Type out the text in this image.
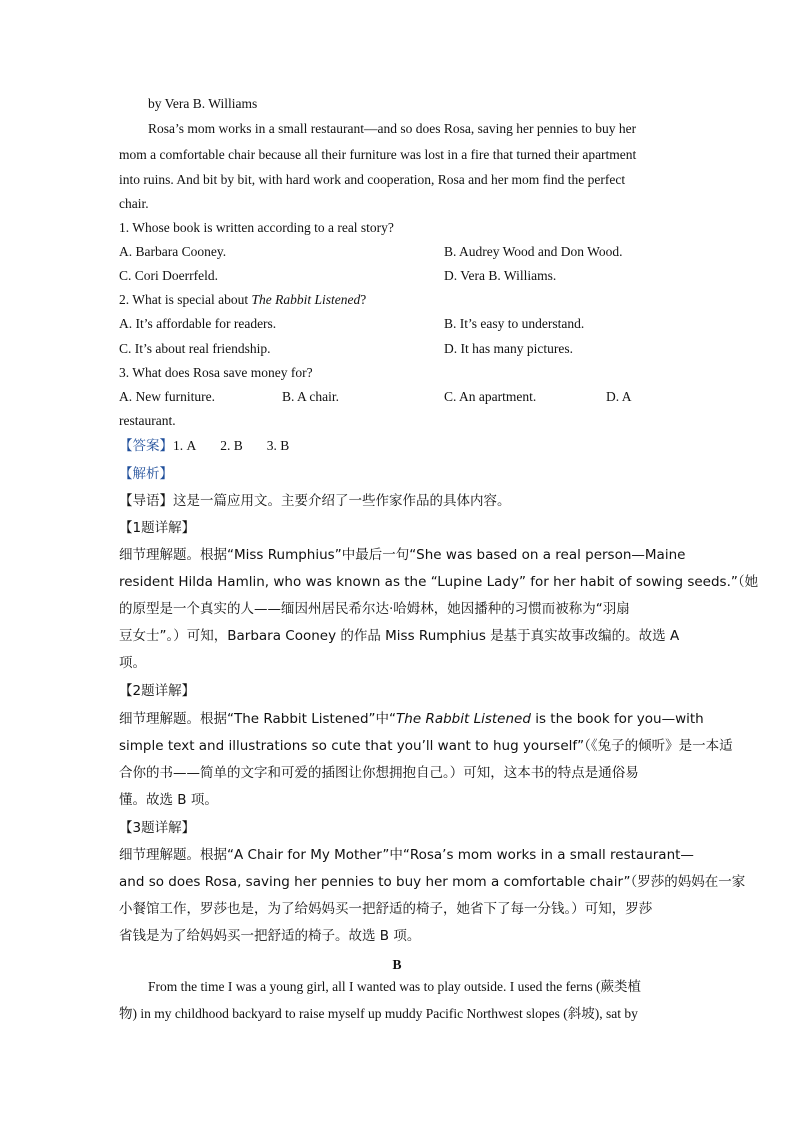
by Vera B. Williams
Rosa’s mom works in a small restaurant—and so does Rosa, saving her pennies to buy her
mom a comfortable chair because all their furniture was lost in a fire that turned their apartment
into ruins. And bit by bit, with hard work and cooperation, Rosa and her mom find the perfect
chair.
1. Whose book is written according to a real story?
A. Barbara Cooney.	B. Audrey Wood and Don Wood.
C. Cori Doerrfeld.	D. Vera B. Williams.
2. What is special about The Rabbit Listened?
A. It’s affordable for readers.	B. It’s easy to understand.
C. It’s about real friendship.	D. It has many pictures.
3. What does Rosa save money for?
A. New furniture.	B. A chair.	C. An apartment.	D. A
restaurant.
【答案】1. A 2. B 3. B
【解析】
【导语】这是一篇应用文。主要介绍了一些作家作品的具体内容。
【1题详解】
细节理解题。根据“Miss Rumphius”中最后一句“She was based on a real person—Maine
resident Hilda Hamlin, who was known as the “Lupine Lady” for her habit of sowing seeds.”（她
的原型是一个真实的人——缅因州居民希尔达·哈姆林，她因播种的习惯而被称为“羽扇
豆女士”。）可知，Barbara Cooney 的作品 Miss Rumphius 是基于真实故事改编的。故选 A
项。
【2题详解】
细节理解题。根据“The Rabbit Listened”中“The Rabbit Listened is the book for you—with
simple text and illustrations so cute that you’ll want to hug yourself”（《兔子的倾听》是一本适
合你的书——简单的文字和可爱的插图让你想拥抱自己。）可知，这本书的特点是通俗易
懂。故选 B 项。
【3题详解】
细节理解题。根据“A Chair for My Mother”中“Rosa’s mom works in a small restaurant—
and so does Rosa, saving her pennies to buy her mom a comfortable chair”（罗莎的妈妈在一家
小餐馆工作，罗莎也是，为了给妈妈买一把舒适的椅子，她省下了每一分钱。）可知，罗莎
省钱是为了给妈妈买一把舒适的椅子。故选 B 项。
B
From the time I was a young girl, all I wanted was to play outside. I used the ferns (蕨类植
物) in my childhood backyard to raise myself up muddy Pacific Northwest slopes (斜坡), sat by
